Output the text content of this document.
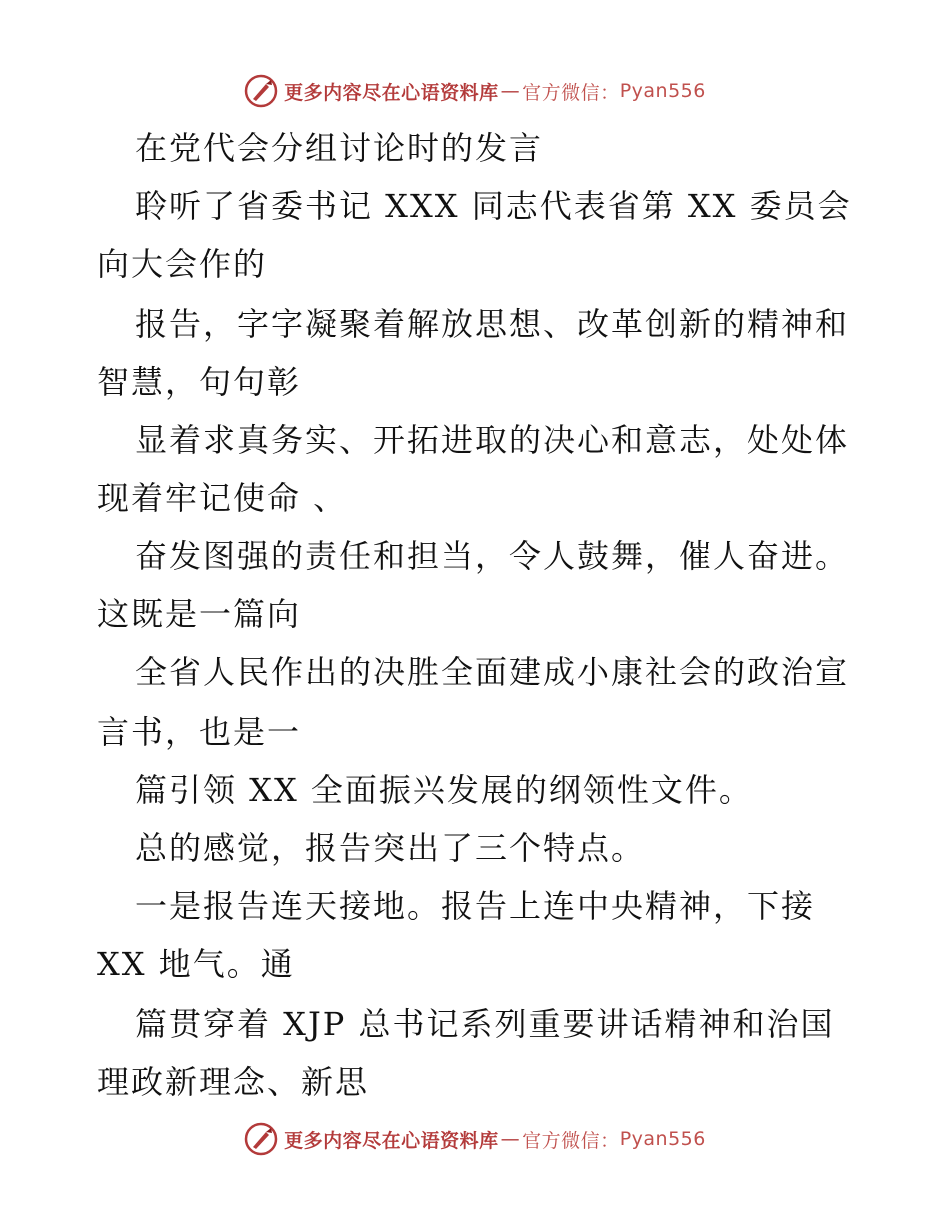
更多内容尽在心语资料库 — 官方微信： Pyan556
在党代会分组讨论时的发言
聆听了省委书记 XXX 同志代表省第 XX 委员会
向大会作的
报告，字字凝聚着解放思想、改革创新的精神和
智慧，句句彰
显着求真务实、开拓进取的决心和意志，处处体
现着牢记使命 、
奋发图强的责任和担当，令人鼓舞，催人奋进。
这既是一篇向
全省人民作出的决胜全面建成小康社会的政治宣
言书，也是一
篇引领 XX 全面振兴发展的纲领性文件。
总的感觉，报告突出了三个特点。
一是报告连天接地。报告上连中央精神，下接
XX 地气。通
篇贯穿着 XJP 总书记系列重要讲话精神和治国
理政新理念、新思
更多内容尽在心语资料库 — 官方微信： Pyan556
